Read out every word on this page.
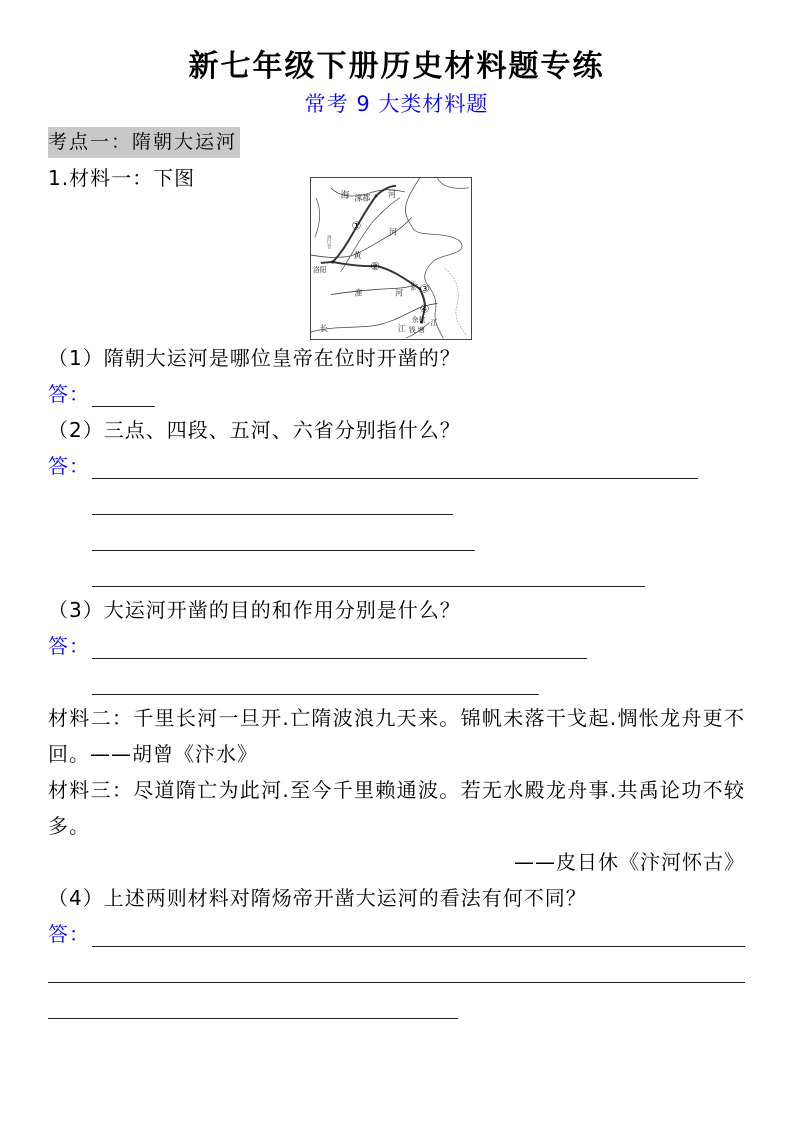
新七年级下册历史材料题专练
常考 9 大类材料题
考点一：隋朝大运河
1.材料一：下图
海 涿郡 河
①	河
洛口仓
黄
②
洛阳
淮	河
江都 ③
④
余杭
长	江 钱塘
江
（1）隋朝大运河是哪位皇帝在位时开凿的？
答：
（2）三点、四段、五河、六省分别指什么？
答：
（3）大运河开凿的目的和作用分别是什么？
答：
材料二：千里长河一旦开.亡隋波浪九天来。锦帆未落干戈起.惆怅龙舟更不
回。——胡曾《汴水》
材料三：尽道隋亡为此河.至今千里赖通波。若无水殿龙舟事.共禹论功不较
多。
——皮日休《汴河怀古》
（4）上述两则材料对隋炀帝开凿大运河的看法有何不同？
答：
